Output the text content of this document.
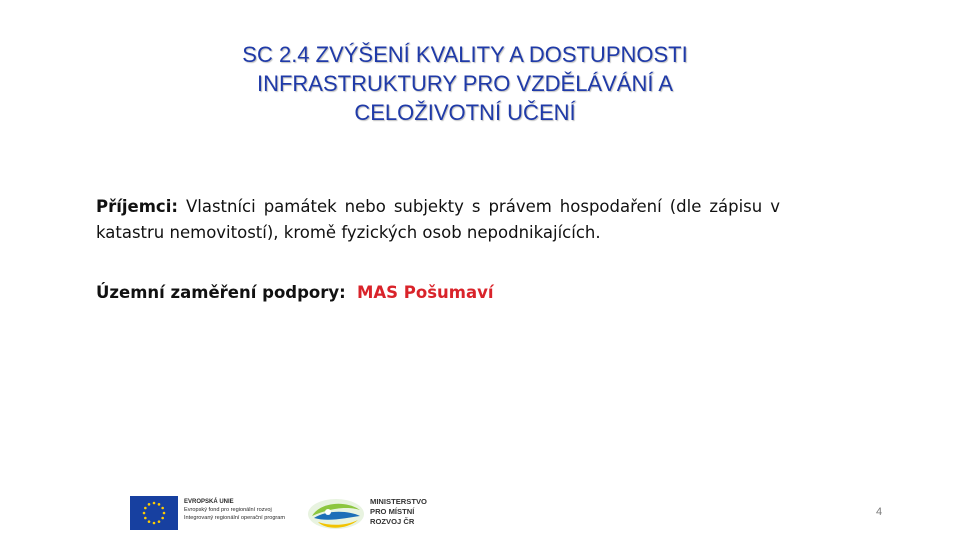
SC 2.4 ZVÝŠENÍ KVALITY A DOSTUPNOSTI
INFRASTRUKTURY PRO VZDĚLÁVÁNÍ A
CELOŽIVOTNÍ UČENÍ
Příjemci: Vlastníci památek nebo subjekty s právem hospodaření (dle zápisu v katastru nemovitostí), kromě fyzických osob nepodnikajících.
Územní zaměření podpory: MAS Pošumaví
EVROPSKÁ UNIE
Evropský fond pro regionální rozvoj
Integrovaný regionální operační program
MINISTERSTVO
PRO MÍSTNÍ
ROZVOJ ČR
4
